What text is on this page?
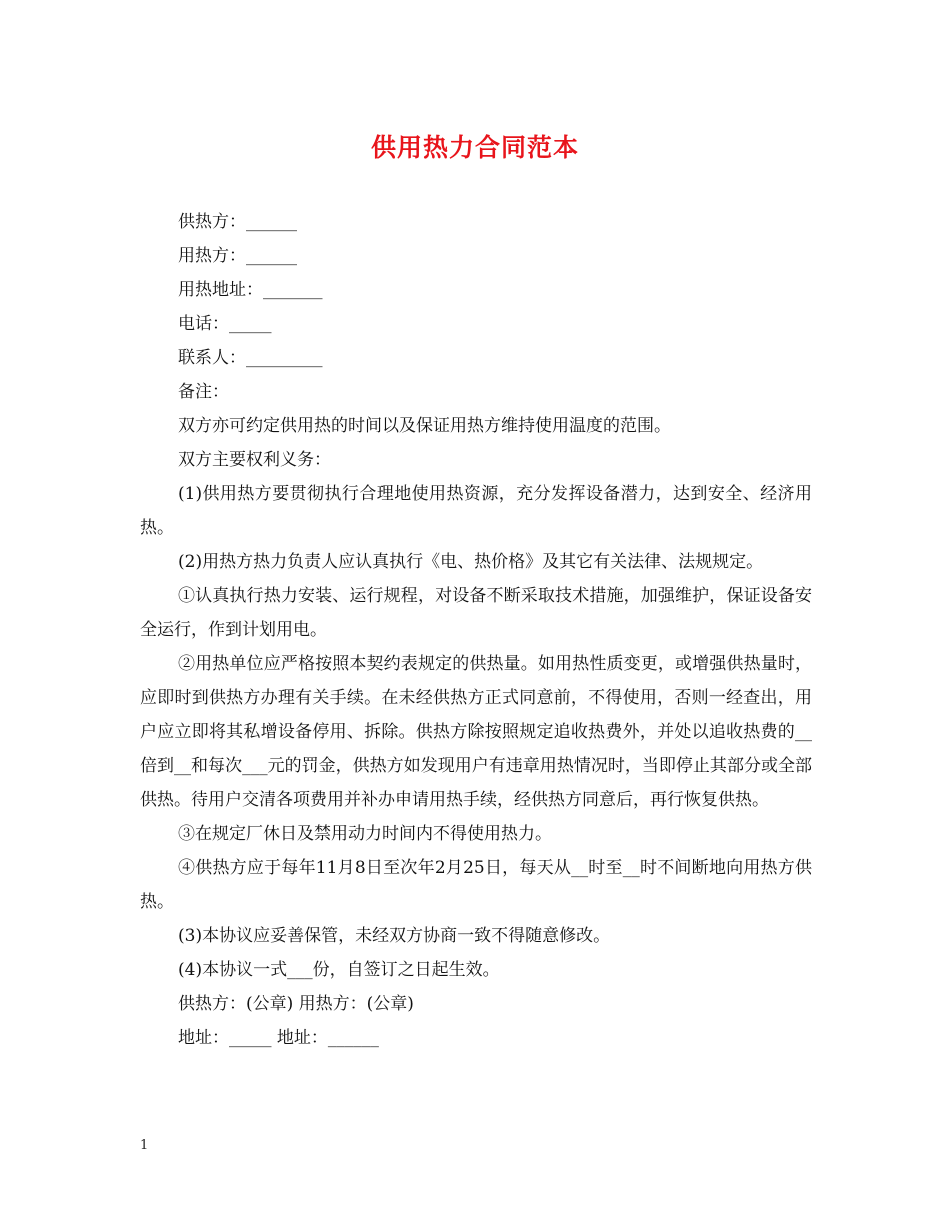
供用热力合同范本

供热方：______

用热方：______

用热地址：_______

电话：_____

联系人：_________

备注：

双方亦可约定供用热的时间以及保证用热方维持使用温度的范围。

双方主要权利义务：

(1)供用热方要贯彻执行合理地使用热资源，充分发挥设备潜力，达到安全、经济用热。

(2)用热方热力负责人应认真执行《电、热价格》及其它有关法律、法规规定。

①认真执行热力安装、运行规程，对设备不断采取技术措施，加强维护，保证设备安全运行，作到计划用电。

②用热单位应严格按照本契约表规定的供热量。如用热性质变更，或增强供热量时，应即时到供热方办理有关手续。在未经供热方正式同意前，不得使用，否则一经查出，用户应立即将其私增设备停用、拆除。供热方除按照规定追收热费外，并处以追收热费的__倍到__和每次___元的罚金，供热方如发现用户有违章用热情况时，当即停止其部分或全部供热。待用户交清各项费用并补办申请用热手续，经供热方同意后，再行恢复供热。

③在规定厂休日及禁用动力时间内不得使用热力。

④供热方应于每年11月8日至次年2月25日，每天从__时至__时不间断地向用热方供热。

(3)本协议应妥善保管，未经双方协商一致不得随意修改。

(4)本协议一式___份，自签订之日起生效。

供热方：(公章) 用热方：(公章)

地址：_____ 地址：______

1
